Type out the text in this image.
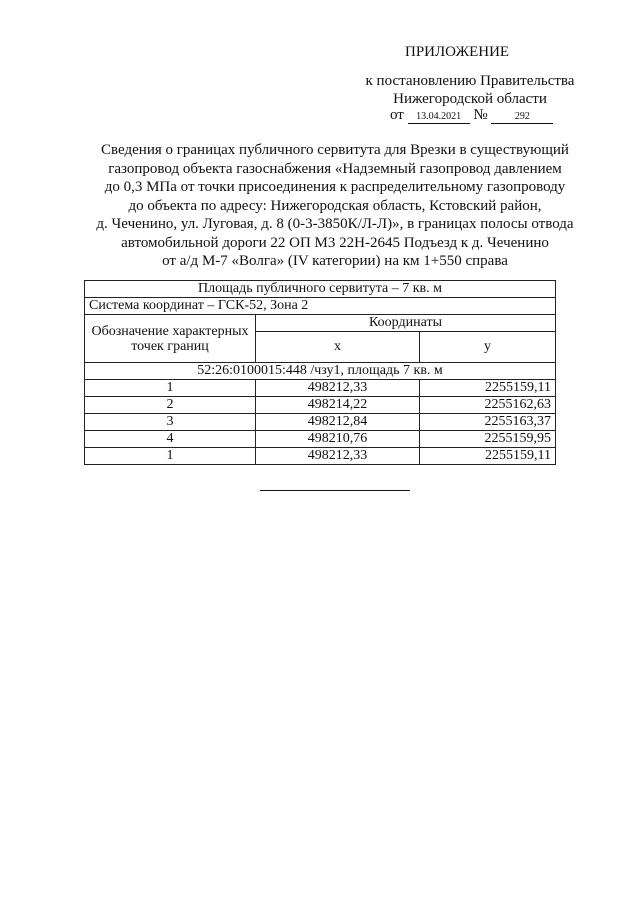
ПРИЛОЖЕНИЕ
к постановлению Правительства
Нижегородской области
от 13.04.2021 №	292
Сведения о границах публичного сервитута для Врезки в существующий
газопровод объекта газоснабжения «Надземный газопровод давлением
до 0,3 МПа от точки присоединения к распределительному газопроводу
до объекта по адресу: Нижегородская область, Кстовский район,
д. Чеченино, ул. Луговая, д. 8 (0-3-3850К/Л-Л)», в границах полосы отвода
автомобильной дороги 22 ОП М3 22Н-2645 Подъезд к д. Чеченино
от а/д М-7 «Волга» (IV категории) на км 1+550 справа
Площадь публичного сервитута – 7 кв. м		
Система координат – ГСК-52, Зона 2		
Обозначение характерных точек границ	Координаты	
	x	y
52:26:0100015:448 /чзу1, площадь 7 кв. м		
1	498212,33	2255159,11
2	498214,22	2255162,63
3	498212,84	2255163,37
4	498210,76	2255159,95
1	498212,33	2255159,11
